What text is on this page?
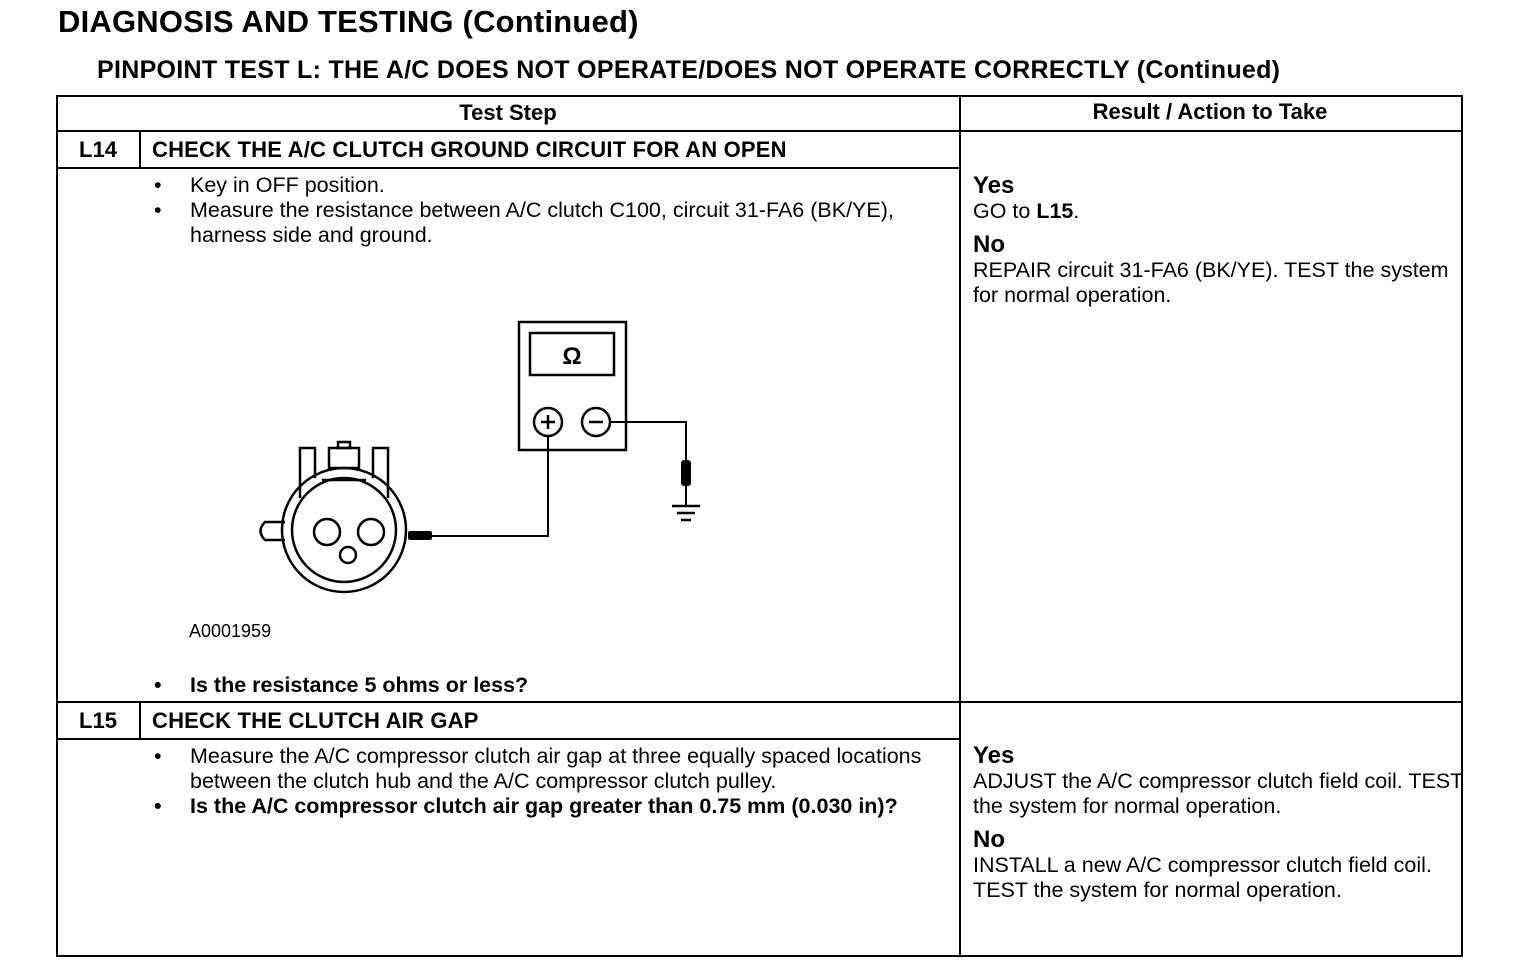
DIAGNOSIS AND TESTING (Continued)
PINPOINT TEST L: THE A/C DOES NOT OPERATE/DOES NOT OPERATE CORRECTLY (Continued)
Test Step	Result / Action to Take
L14	CHECK THE A/C CLUTCH GROUND CIRCUIT FOR AN OPEN
• Key in OFF position.
• Measure the resistance between A/C clutch C100, circuit 31-FA6 (BK/YE), harness side and ground.
Ω
A0001959
• Is the resistance 5 ohms or less?
Yes
GO to L15.
No
REPAIR circuit 31-FA6 (BK/YE). TEST the system for normal operation.
L15	CHECK THE CLUTCH AIR GAP
• Measure the A/C compressor clutch air gap at three equally spaced locations between the clutch hub and the A/C compressor clutch pulley.
• Is the A/C compressor clutch air gap greater than 0.75 mm (0.030 in)?
Yes
ADJUST the A/C compressor clutch field coil. TEST the system for normal operation.
No
INSTALL a new A/C compressor clutch field coil. TEST the system for normal operation.
